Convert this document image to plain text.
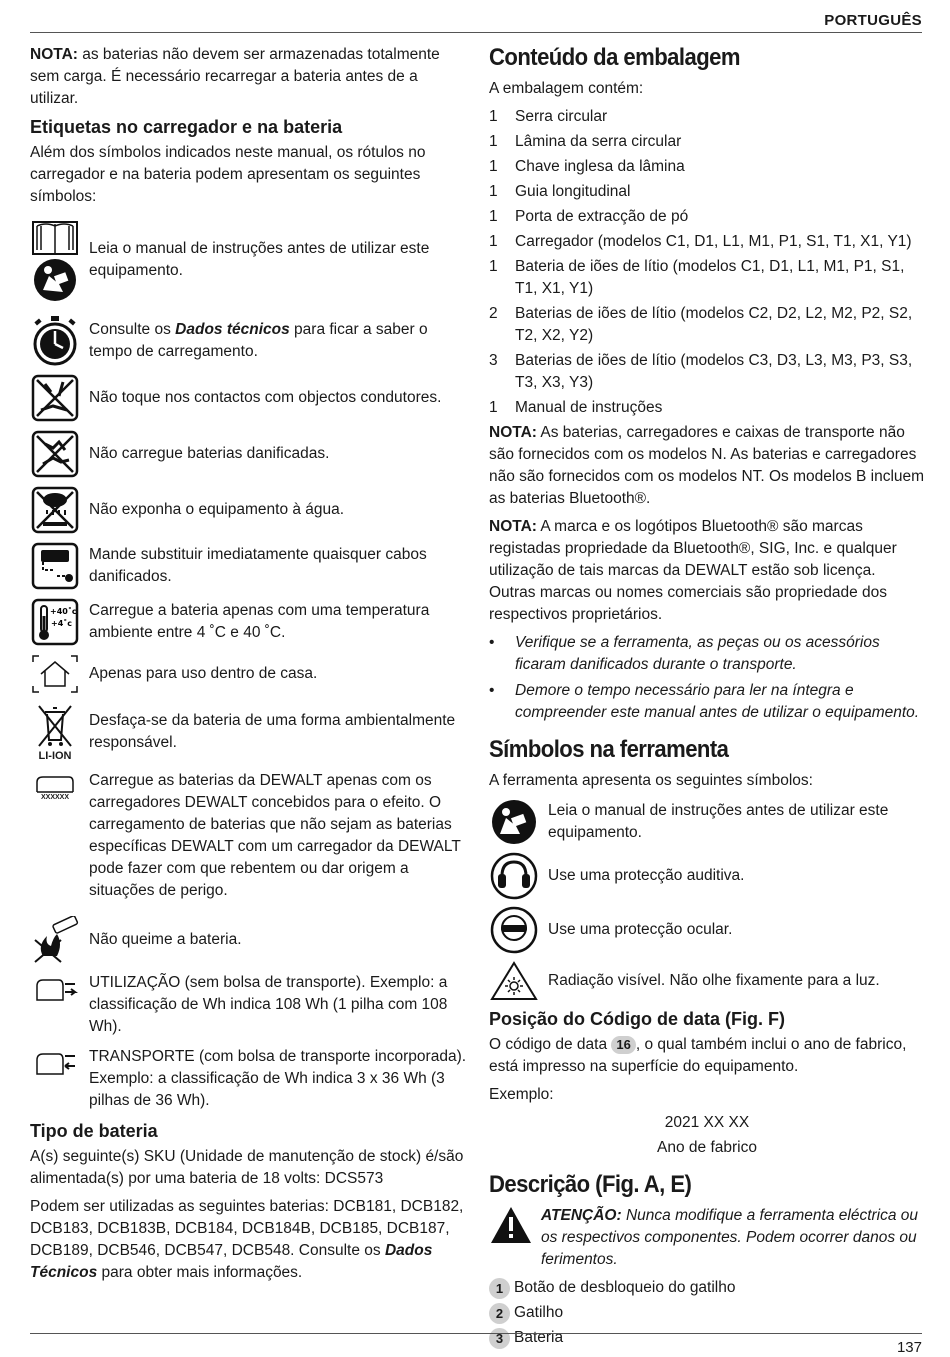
PORTUGUÊS

NOTA: as baterias não devem ser armazenadas totalmente sem carga. É necessário recarregar a bateria antes de a utilizar.

Etiquetas no carregador e na bateria

Além dos símbolos indicados neste manual, os rótulos no carregador e na bateria podem apresentam os seguintes símbolos:

Leia o manual de instruções antes de utilizar este equipamento.
Consulte os Dados técnicos para ficar a saber o tempo de carregamento.
Não toque nos contactos com objectos condutores.
Não carregue baterias danificadas.
Não exponha o equipamento à água.
Mande substituir imediatamente quaisquer cabos danificados.
+40˚c
+4˚c
Carregue a bateria apenas com uma temperatura ambiente entre 4 ˚C e 40 ˚C.
Apenas para uso dentro de casa.
LI-ION
Desfaça-se da bateria de uma forma ambientalmente responsável.
XXXXXX
Carregue as baterias da DEWALT apenas com os carregadores DEWALT concebidos para o efeito. O carregamento de baterias que não sejam as baterias específicas DEWALT com um carregador da DEWALT pode fazer com que rebentem ou dar origem a situações de perigo.
Não queime a bateria.
UTILIZAÇÃO (sem bolsa de transporte). Exemplo: a classificação de Wh indica 108 Wh (1 pilha com 108 Wh).
TRANSPORTE (com bolsa de transporte incorporada). Exemplo: a classificação de Wh indica 3 x 36 Wh (3 pilhas de 36 Wh).
Tipo de bateria

A(s) seguinte(s) SKU (Unidade de manutenção de stock) é/são alimentada(s) por uma bateria de 18 volts: DCS573

Podem ser utilizadas as seguintes baterias: DCB181, DCB182, DCB183, DCB183B, DCB184, DCB184B, DCB185, DCB187, DCB189, DCB546, DCB547, DCB548. Consulte os Dados Técnicos para obter mais informações.

Conteúdo da embalagem

A embalagem contém:

1	Serra circular
1	Lâmina da serra circular
1	Chave inglesa da lâmina
1	Guia longitudinal
1	Porta de extracção de pó
1	Carregador (modelos C1, D1, L1, M1, P1, S1, T1, X1, Y1)
1	Bateria de iões de lítio (modelos C1, D1, L1, M1, P1, S1, T1, X1, Y1)
2	Baterias de iões de lítio (modelos C2, D2, L2, M2, P2, S2, T2, X2, Y2)
3	Baterias de iões de lítio (modelos C3, D3, L3, M3, P3, S3, T3, X3, Y3)
1	Manual de instruções

NOTA: As baterias, carregadores e caixas de transporte não são fornecidos com os modelos N. As baterias e carregadores não são fornecidos com os modelos NT. Os modelos B incluem as baterias Bluetooth®.

NOTA: A marca e os logótipos Bluetooth® são marcas registadas propriedade da Bluetooth®, SIG, Inc. e qualquer utilização de tais marcas da DEWALT estão sob licença. Outras marcas ou nomes comerciais são propriedade dos respectivos proprietários.

•	Verifique se a ferramenta, as peças ou os acessórios ficaram danificados durante o transporte.
•	Demore o tempo necessário para ler na íntegra e compreender este manual antes de utilizar o equipamento.
Símbolos na ferramenta

A ferramenta apresenta os seguintes símbolos:

Leia o manual de instruções antes de utilizar este equipamento.
Use uma protecção auditiva.
Use uma protecção ocular.
Radiação visível. Não olhe fixamente para a luz.
Posição do Código de data (Fig. F)

O código de data 16 , o qual também inclui o ano de fabrico, está impresso na superfície do equipamento.

Exemplo:

2021 XX XX

Ano de fabrico

Descrição (Fig. A, E)
ATENÇÃO: Nunca modifique a ferramenta eléctrica ou os respectivos componentes. Podem ocorrer danos ou ferimentos.
1 Botão de desbloqueio do gatilho
2 Gatilho
3 Bateria
137
